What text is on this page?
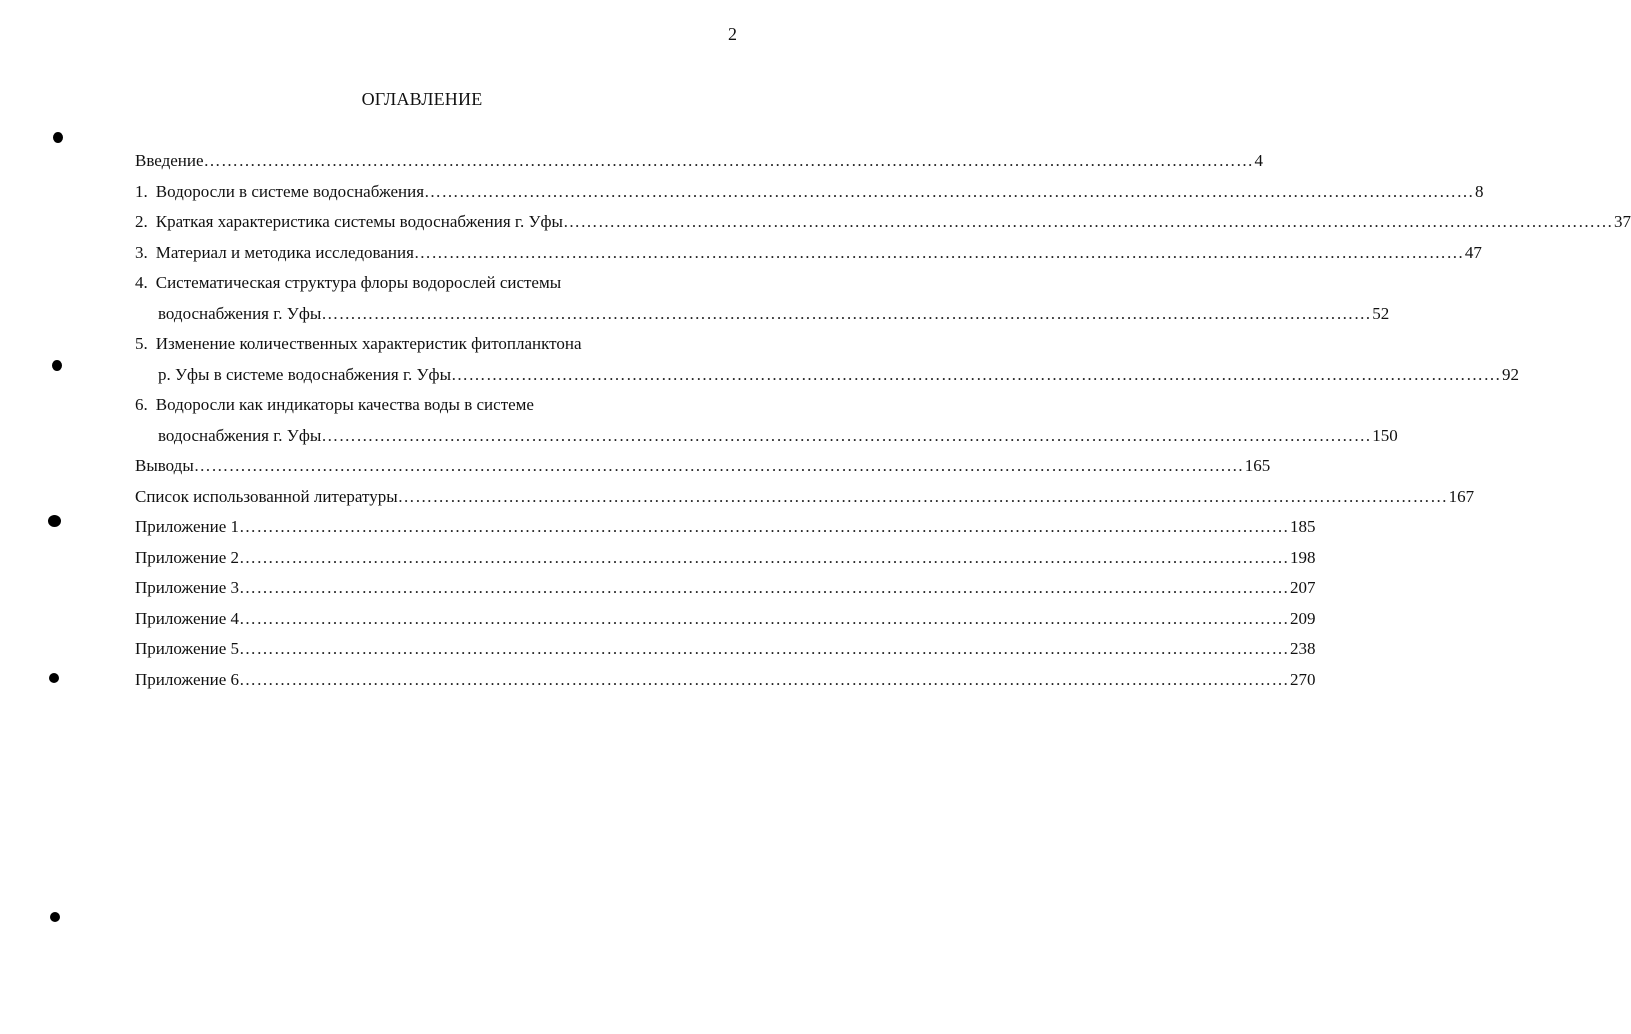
2
ОГЛАВЛЕНИЕ
Введение ……………………………………………………………………………………………………………………………………………………………… 4
1. Водоросли в системе водоснабжения ……………………………………………………………………………………………………………………………………………………………… 8
2. Краткая характеристика системы водоснабжения г. Уфы ……………………………………………………………………………………………………………………………………………………………… 37
3. Материал и методика исследования ……………………………………………………………………………………………………………………………………………………………… 47
4. Систематическая структура флоры водорослей системы
водоснабжения г. Уфы ……………………………………………………………………………………………………………………………………………………………… 52
5. Изменение количественных характеристик фитопланктона
р. Уфы в системе водоснабжения г. Уфы ……………………………………………………………………………………………………………………………………………………………… 92
6. Водоросли как индикаторы качества воды в системе
водоснабжения г. Уфы ……………………………………………………………………………………………………………………………………………………………… 150
Выводы ……………………………………………………………………………………………………………………………………………………………… 165
Список использованной литературы ……………………………………………………………………………………………………………………………………………………………… 167
Приложение 1 ……………………………………………………………………………………………………………………………………………………………… 185
Приложение 2 ……………………………………………………………………………………………………………………………………………………………… 198
Приложение 3 ……………………………………………………………………………………………………………………………………………………………… 207
Приложение 4 ……………………………………………………………………………………………………………………………………………………………… 209
Приложение 5 ……………………………………………………………………………………………………………………………………………………………… 238
Приложение 6 ……………………………………………………………………………………………………………………………………………………………… 270
